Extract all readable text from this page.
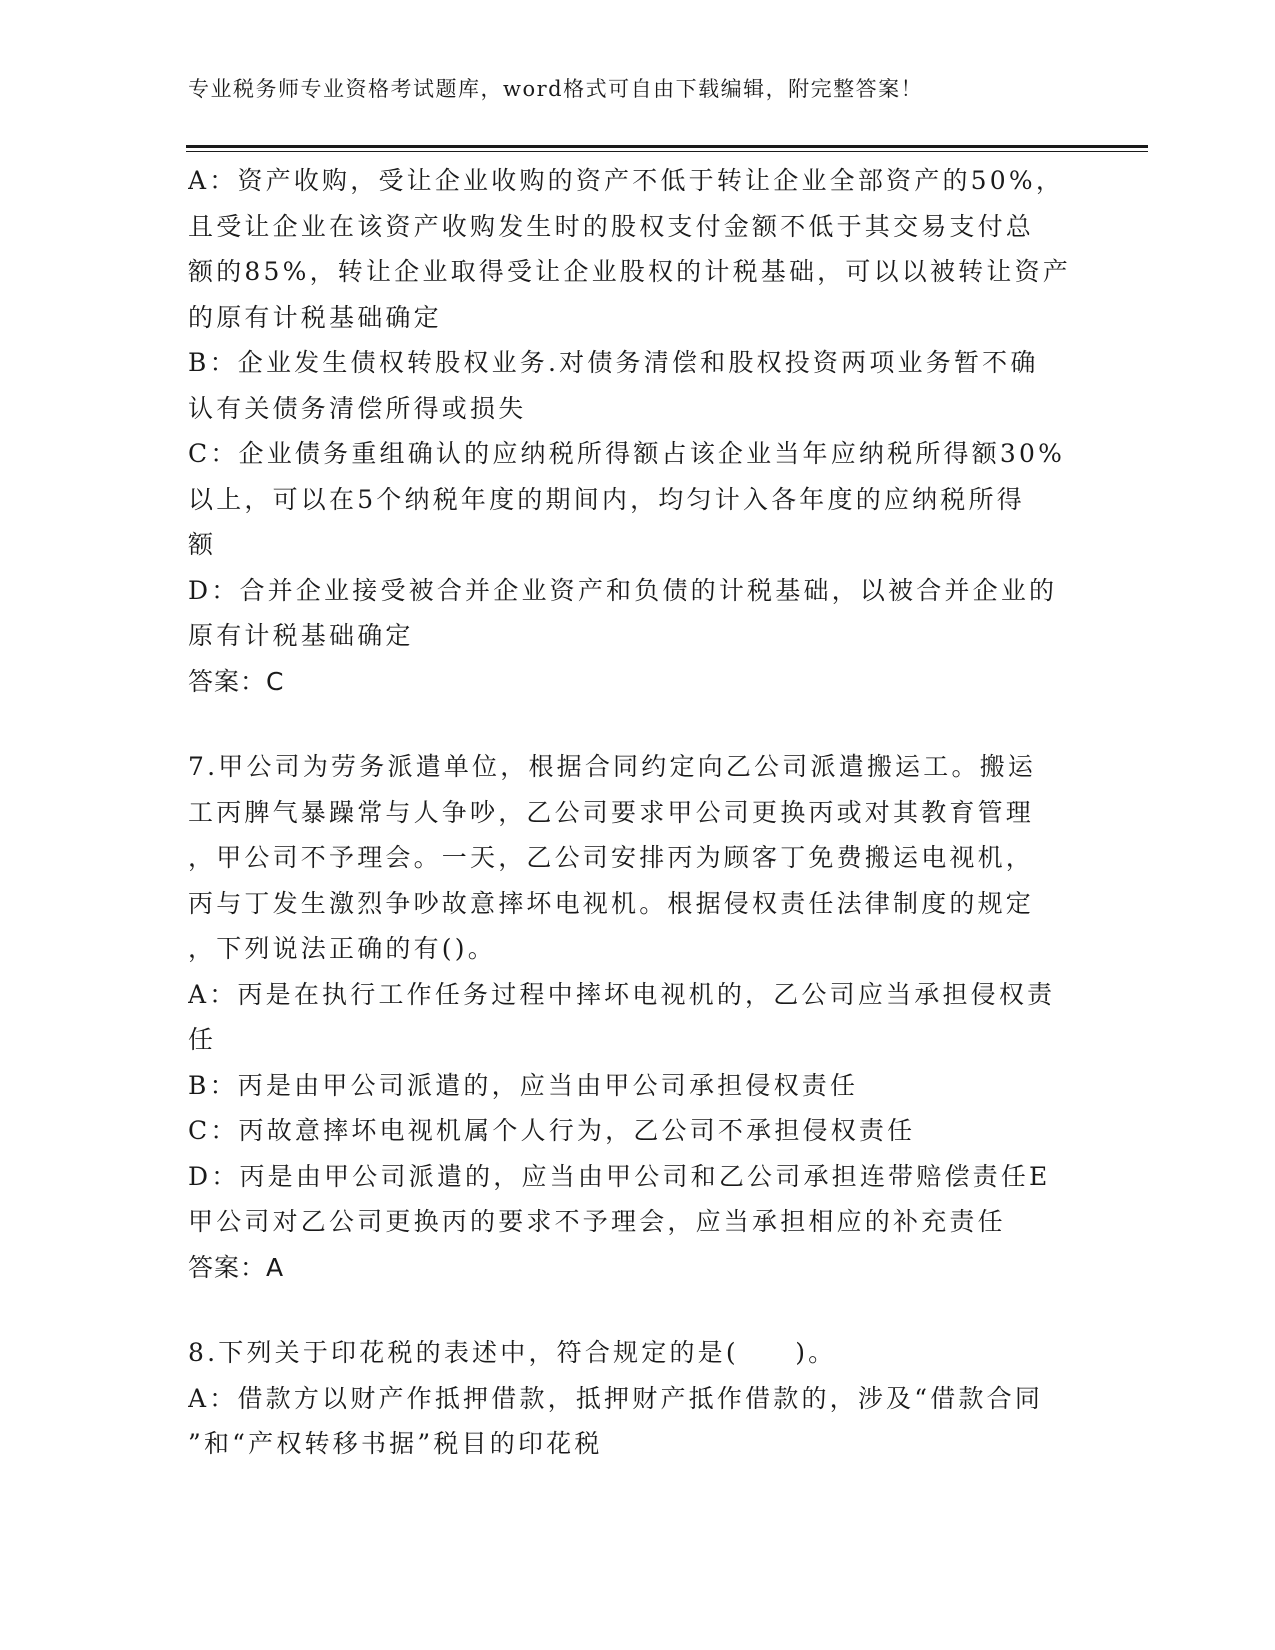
专业税务师专业资格考试题库，word格式可自由下载编辑，附完整答案！
A：资产收购，受让企业收购的资产不低于转让企业全部资产的50%，
且受让企业在该资产收购发生时的股权支付金额不低于其交易支付总
额的85%，转让企业取得受让企业股权的计税基础，可以以被转让资产
的原有计税基础确定
B：企业发生债权转股权业务.对债务清偿和股权投资两项业务暂不确
认有关债务清偿所得或损失
C：企业债务重组确认的应纳税所得额占该企业当年应纳税所得额30%
以上，可以在5个纳税年度的期间内，均匀计入各年度的应纳税所得
额
D：合并企业接受被合并企业资产和负债的计税基础，以被合并企业的
原有计税基础确定
答案：C
7.甲公司为劳务派遣单位，根据合同约定向乙公司派遣搬运工。搬运
工丙脾气暴躁常与人争吵，乙公司要求甲公司更换丙或对其教育管理
，甲公司不予理会。一天，乙公司安排丙为顾客丁免费搬运电视机，
丙与丁发生激烈争吵故意摔坏电视机。根据侵权责任法律制度的规定
，下列说法正确的有()。
A：丙是在执行工作任务过程中摔坏电视机的，乙公司应当承担侵权责
任
B：丙是由甲公司派遣的，应当由甲公司承担侵权责任
C：丙故意摔坏电视机属个人行为，乙公司不承担侵权责任
D：丙是由甲公司派遣的，应当由甲公司和乙公司承担连带赔偿责任E
甲公司对乙公司更换丙的要求不予理会，应当承担相应的补充责任
答案：A
8.下列关于印花税的表述中，符合规定的是(　　)。
A：借款方以财产作抵押借款，抵押财产抵作借款的，涉及“借款合同
”和“产权转移书据”税目的印花税
